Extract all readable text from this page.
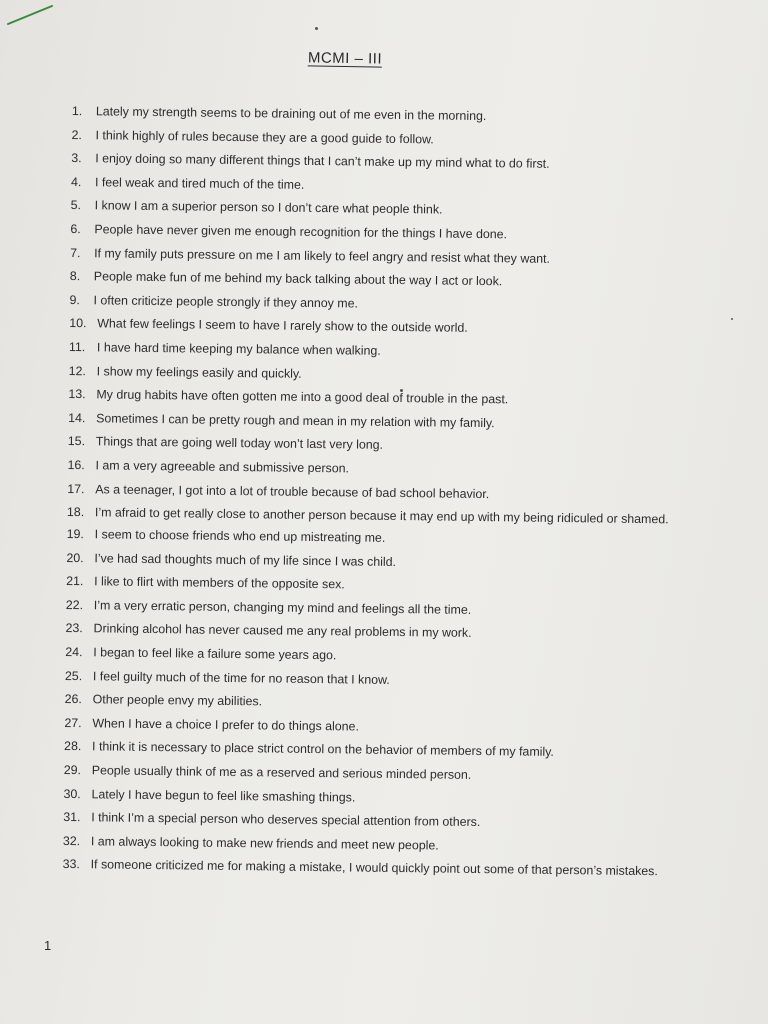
MCMI – III
1.	Lately my strength seems to be draining out of me even in the morning.
2.	I think highly of rules because they are a good guide to follow.
3.	I enjoy doing so many different things that I can’t make up my mind what to do first.
4.	I feel weak and tired much of the time.
5.	I know I am a superior person so I don’t care what people think.
6.	People have never given me enough recognition for the things I have done.
7.	If my family puts pressure on me I am likely to feel angry and resist what they want.
8.	People make fun of me behind my back talking about the way I act or look.
9.	I often criticize people strongly if they annoy me.
10. What few feelings I seem to have I rarely show to the outside world.
11. I have hard time keeping my balance when walking.
12. I show my feelings easily and quickly.
13. My drug habits have often gotten me into a good deal of trouble in the past.
14. Sometimes I can be pretty rough and mean in my relation with my family.
15. Things that are going well today won’t last very long.
16. I am a very agreeable and submissive person.
17. As a teenager, I got into a lot of trouble because of bad school behavior.
18. I’m afraid to get really close to another person because it may end up with my being ridiculed or shamed.
19. I seem to choose friends who end up mistreating me.
20. I’ve had sad thoughts much of my life since I was child.
21. I like to flirt with members of the opposite sex.
22. I’m a very erratic person, changing my mind and feelings all the time.
23. Drinking alcohol has never caused me any real problems in my work.
24. I began to feel like a failure some years ago.
25. I feel guilty much of the time for no reason that I know.
26. Other people envy my abilities.
27. When I have a choice I prefer to do things alone.
28. I think it is necessary to place strict control on the behavior of members of my family.
29. People usually think of me as a reserved and serious minded person.
30. Lately I have begun to feel like smashing things.
31. I think I’m a special person who deserves special attention from others.
32. I am always looking to make new friends and meet new people.
33. If someone criticized me for making a mistake, I would quickly point out some of that person’s mistakes.
1
